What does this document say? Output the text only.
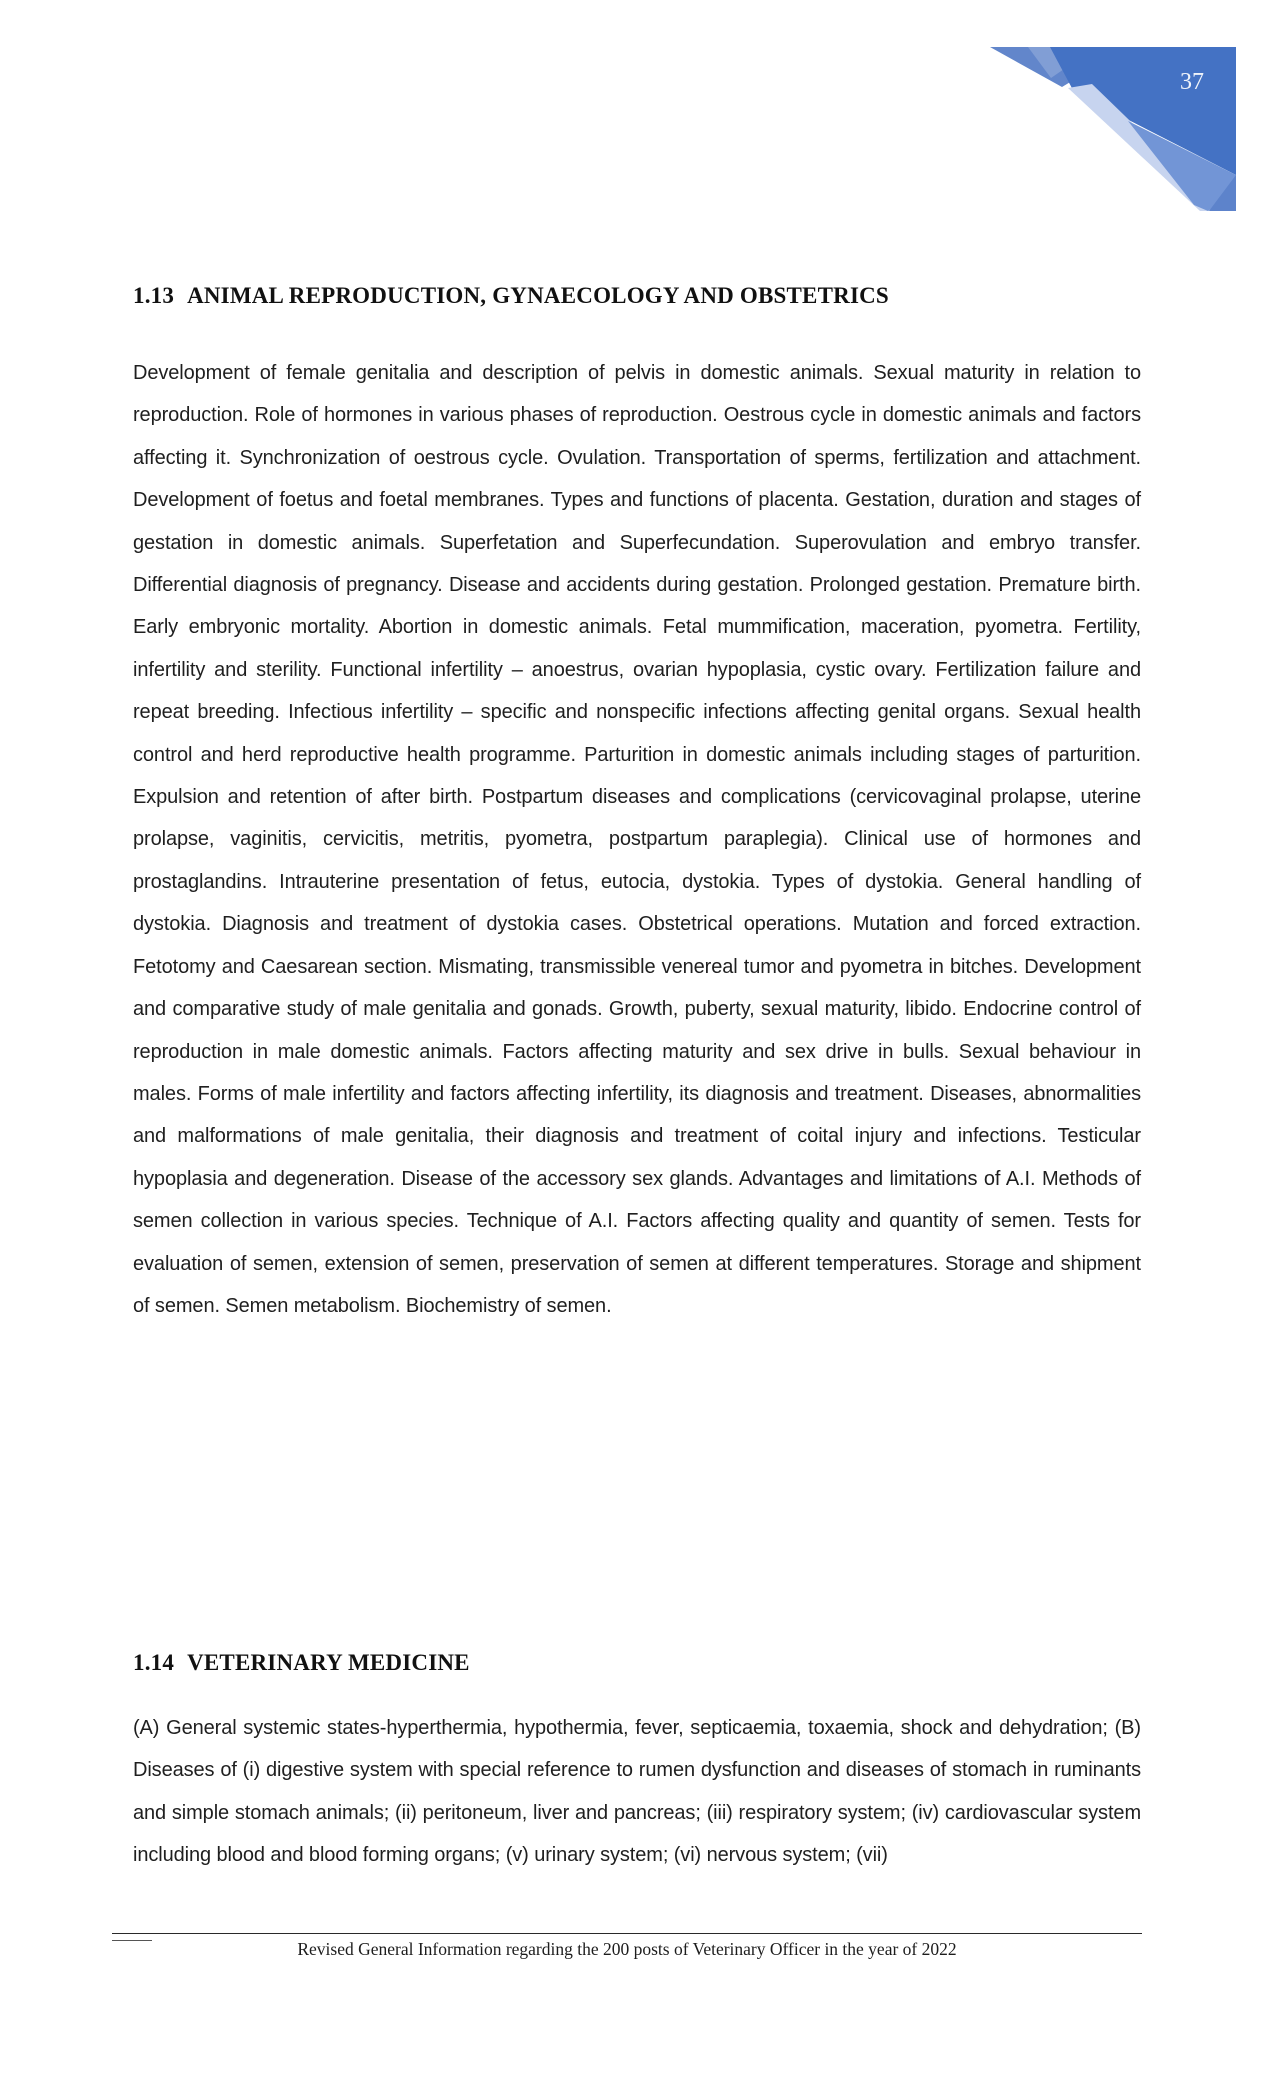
37
1.13 ANIMAL REPRODUCTION, GYNAECOLOGY AND OBSTETRICS

Development of female genitalia and description of pelvis in domestic animals. Sexual maturity in relation to reproduction. Role of hormones in various phases of reproduction. Oestrous cycle in domestic animals and factors affecting it. Synchronization of oestrous cycle. Ovulation. Transportation of sperms, fertilization and attachment. Development of foetus and foetal membranes. Types and functions of placenta. Gestation, duration and stages of gestation in domestic animals. Superfetation and Superfecundation. Superovulation and embryo transfer. Differential diagnosis of pregnancy. Disease and accidents during gestation. Prolonged gestation. Premature birth. Early embryonic mortality. Abortion in domestic animals. Fetal mummification, maceration, pyometra. Fertility, infertility and sterility. Functional infertility – anoestrus, ovarian hypoplasia, cystic ovary. Fertilization failure and repeat breeding. Infectious infertility – specific and nonspecific infections affecting genital organs. Sexual health control and herd reproductive health programme. Parturition in domestic animals including stages of parturition. Expulsion and retention of after birth. Postpartum diseases and complications (cervicovaginal prolapse, uterine prolapse, vaginitis, cervicitis, metritis, pyometra, postpartum paraplegia). Clinical use of hormones and prostaglandins. Intrauterine presentation of fetus, eutocia, dystokia. Types of dystokia. General handling of dystokia. Diagnosis and treatment of dystokia cases. Obstetrical operations. Mutation and forced extraction. Fetotomy and Caesarean section. Mismating, transmissible venereal tumor and pyometra in bitches. Development and comparative study of male genitalia and gonads. Growth, puberty, sexual maturity, libido. Endocrine control of reproduction in male domestic animals. Factors affecting maturity and sex drive in bulls. Sexual behaviour in males. Forms of male infertility and factors affecting infertility, its diagnosis and treatment. Diseases, abnormalities and malformations of male genitalia, their diagnosis and treatment of coital injury and infections. Testicular hypoplasia and degeneration. Disease of the accessory sex glands. Advantages and limitations of A.I. Methods of semen collection in various species. Technique of A.I. Factors affecting quality and quantity of semen. Tests for evaluation of semen, extension of semen, preservation of semen at different temperatures. Storage and shipment of semen. Semen metabolism. Biochemistry of semen.

1.14 VETERINARY MEDICINE

(A) General systemic states-hyperthermia, hypothermia, fever, septicaemia, toxaemia, shock and dehydration; (B) Diseases of (i) digestive system with special reference to rumen dysfunction and diseases of stomach in ruminants and simple stomach animals; (ii) peritoneum, liver and pancreas; (iii) respiratory system; (iv) cardiovascular system including blood and blood forming organs; (v) urinary system; (vi) nervous system; (vii)

Revised General Information regarding the 200 posts of Veterinary Officer in the year of 2022
